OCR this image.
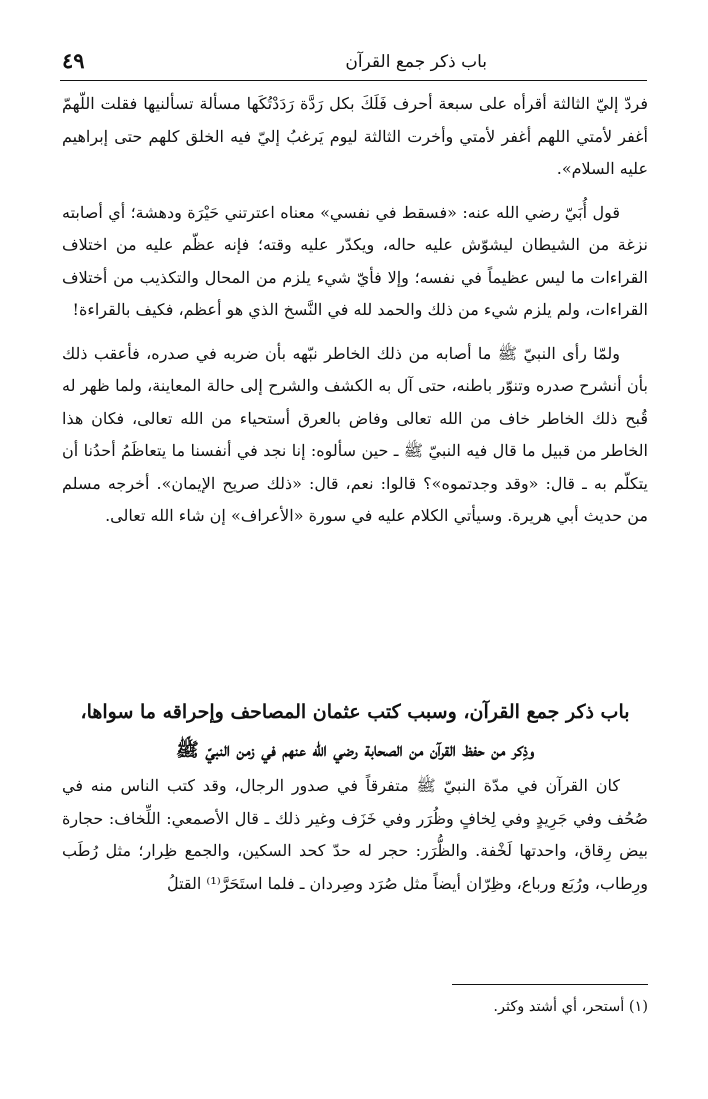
باب ذكر جمع القرآن
٤٩

فردّ إليّ الثالثة أقرأه على سبعة أحرف فَلَكَ بكل رَدَّة رَدَدْتُكَها مسألة تسألنيها فقلت اللّهمّ أغفر لأمتي اللهم أغفر لأمتي وأخرت الثالثة ليوم يَرغبُ إليّ فيه الخلق كلهم حتى إبراهيم عليه السلام».

قول أُبَيّ رضي الله عنه: «فسقط في نفسي» معناه اعترتني حَيْرَة ودهشة؛ أي أصابته نزغة من الشيطان ليشوّش عليه حاله، ويكدّر عليه وقته؛ فإنه عظّم عليه من اختلاف القراءات ما ليس عظيماً في نفسه؛ وإلا فأيّ شيء يلزم من المحال والتكذيب من أختلاف القراءات، ولم يلزم شيء من ذلك والحمد لله في النَّسخ الذي هو أعظم، فكيف بالقراءة!

ولمّا رأى النبيّ ﷺ ما أصابه من ذلك الخاطر نبّهه بأن ضربه في صدره، فأعقب ذلك بأن أنشرح صدره وتنوّر باطنه، حتى آل به الكشف والشرح إلى حالة المعاينة، ولما ظهر له قُبح ذلك الخاطر خاف من الله تعالى وفاض بالعرق أستحياء من الله تعالى، فكان هذا الخاطر من قبيل ما قال فيه النبيّ ﷺ ـ حين سألوه: إنا نجد في أنفسنا ما يتعاظَمُ أحدُنا أن يتكلّم به ـ قال: «وقد وجدتموه»؟ قالوا: نعم، قال: «ذلك صريح الإيمان». أخرجه مسلم من حديث أبي هريرة. وسيأتي الكلام عليه في سورة «الأعراف» إن شاء الله تعالى.

باب ذكر جمع القرآن، وسبب كتب عثمان المصاحف وإحراقه ما سواها،
وذِكر من حفظ القرآن من الصحابة رضي الله عنهم في زمن النبيّ ﷺ

كان القرآن في مدّة النبيّ ﷺ متفرقاً في صدور الرجال، وقد كتب الناس منه في صُحُف وفي جَرِيدٍ وفي لِخافٍ وظُرَر وفي خَزَف وغير ذلك ـ قال الأصمعي: اللِّخاف: حجارة بيض رِقاق، واحدتها لَخْفة. والظُّرَر: حجر له حدّ كحد السكين، والجمع ظِرار؛ مثل رُطَب ورِطاب، ورُبَع ورباع، وظِرّان أيضاً مثل صُرَد وصِردان ـ فلما استَحَرَّ⁽¹⁾ القتلُ

(١) أستحر، أي أشتد وكثر.
